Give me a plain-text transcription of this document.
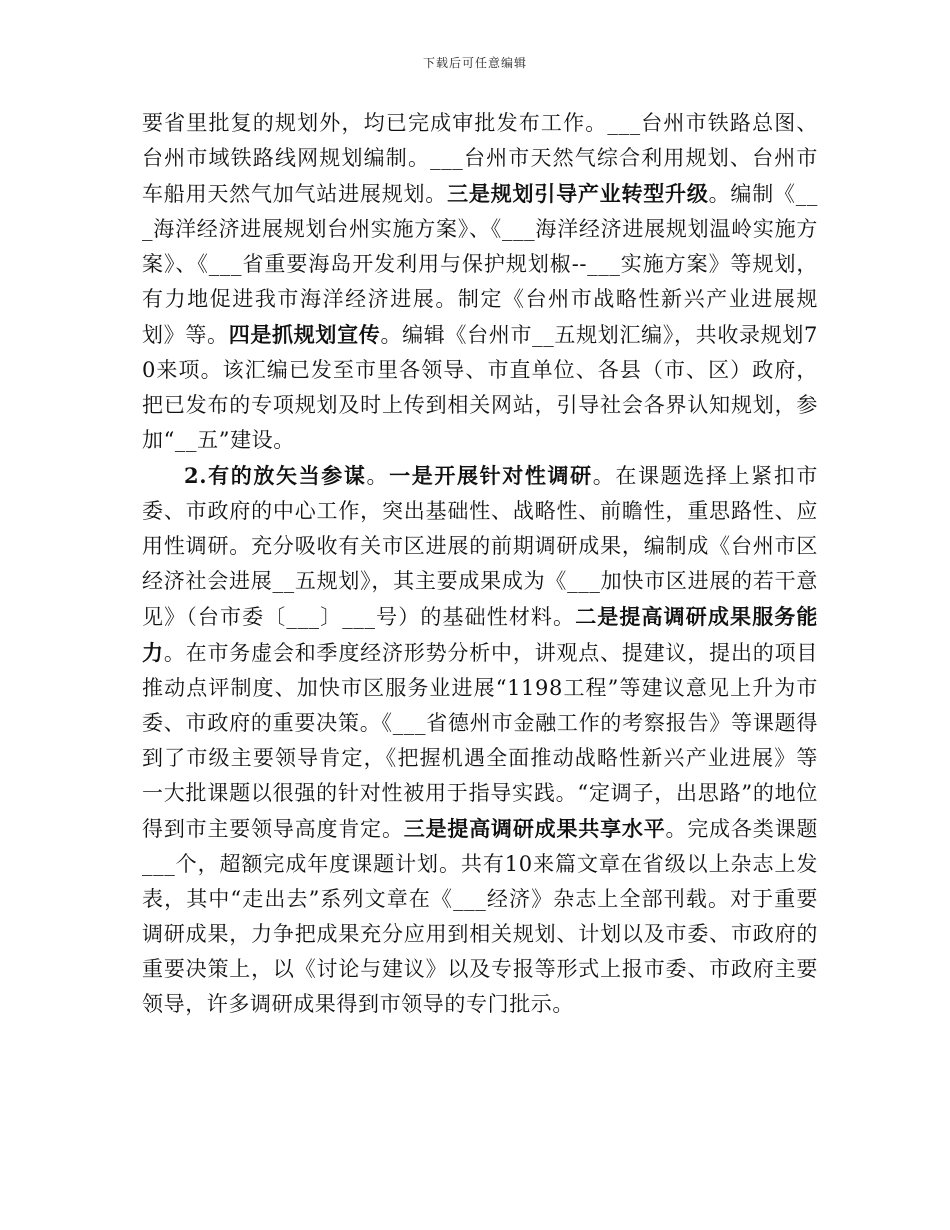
下载后可任意编辑

要省里批复的规划外，均已完成审批发布工作。___台州市铁路总图、台州市域铁路线网规划编制。___台州市天然气综合利用规划、台州市车船用天然气加气站进展规划。三是规划引导产业转型升级。编制《___海洋经济进展规划台州实施方案》、《___海洋经济进展规划温岭实施方案》、《___省重要海岛开发利用与保护规划椒--___实施方案》等规划，有力地促进我市海洋经济进展。制定《台州市战略性新兴产业进展规划》等。四是抓规划宣传。编辑《台州市__五规划汇编》，共收录规划70来项。该汇编已发至市里各领导、市直单位、各县（市、区）政府，把已发布的专项规划及时上传到相关网站，引导社会各界认知规划，参加“__五”建设。

2.有的放矢当参谋。一是开展针对性调研。在课题选择上紧扣市委、市政府的中心工作，突出基础性、战略性、前瞻性，重思路性、应用性调研。充分吸收有关市区进展的前期调研成果，编制成《台州市区经济社会进展__五规划》，其主要成果成为《___加快市区进展的若干意见》（台市委〔___〕___号）的基础性材料。二是提高调研成果服务能力。在市务虚会和季度经济形势分析中，讲观点、提建议，提出的项目推动点评制度、加快市区服务业进展“1198工程”等建议意见上升为市委、市政府的重要决策。《___省德州市金融工作的考察报告》等课题得到了市级主要领导肯定，《把握机遇全面推动战略性新兴产业进展》等一大批课题以很强的针对性被用于指导实践。“定调子，出思路”的地位得到市主要领导高度肯定。三是提高调研成果共享水平。完成各类课题___个，超额完成年度课题计划。共有10来篇文章在省级以上杂志上发表，其中“走出去”系列文章在《___经济》杂志上全部刊载。对于重要调研成果，力争把成果充分应用到相关规划、计划以及市委、市政府的重要决策上，以《讨论与建议》以及专报等形式上报市委、市政府主要领导，许多调研成果得到市领导的专门批示。
